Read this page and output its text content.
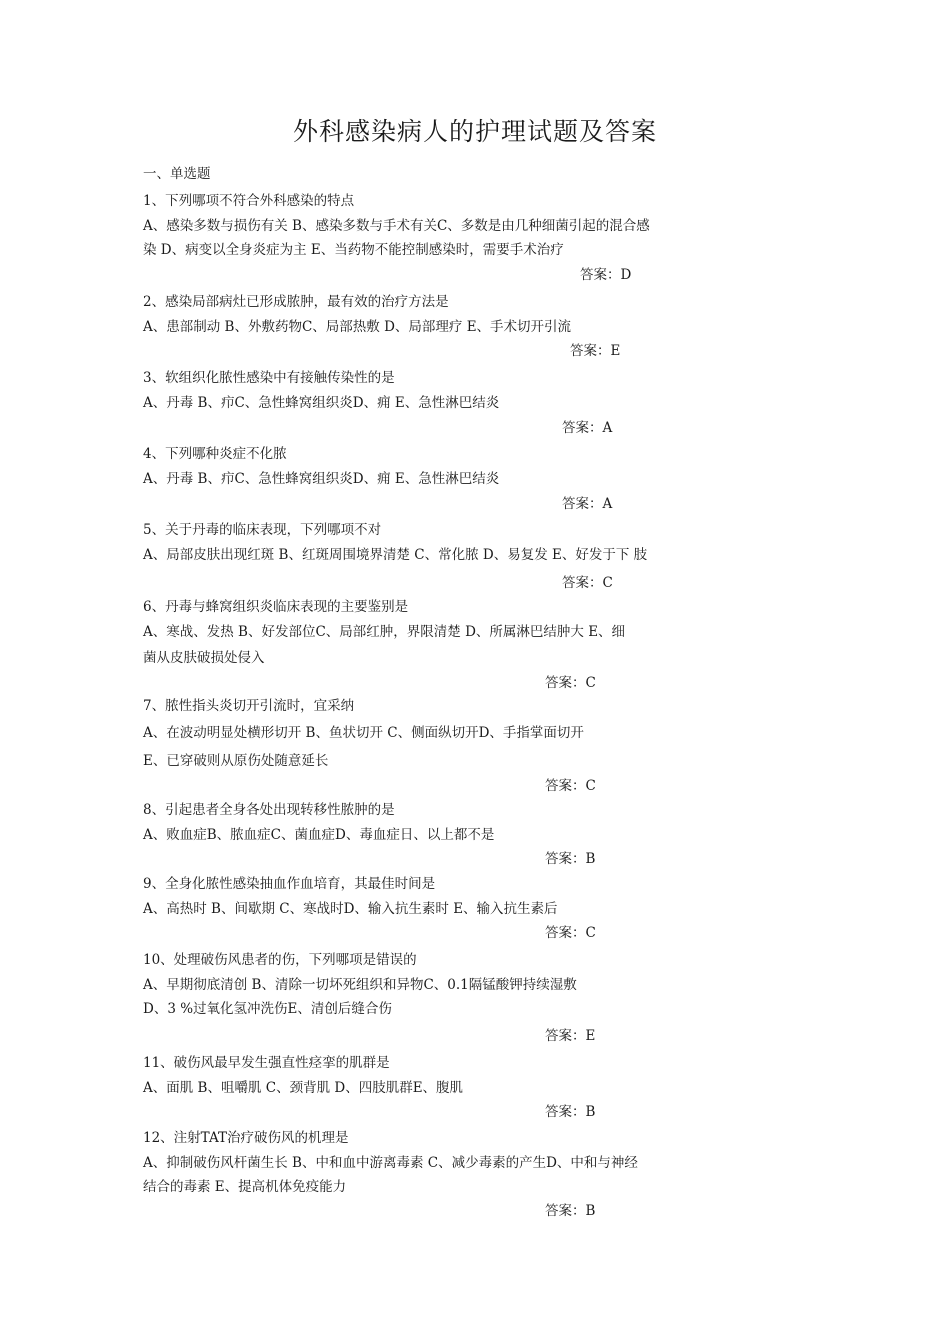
外科感染病人的护理试题及答案
一、单选题
1、下列哪项不符合外科感染的特点
A、感染多数与损伤有关 B、感染多数与手术有关C、多数是由几种细菌引起的混合感
染 D、病变以全身炎症为主 E、当药物不能控制感染时，需要手术治疗
答案：D
2、感染局部病灶已形成脓肿，最有效的治疗方法是
A、患部制动 B、外敷药物C、局部热敷 D、局部理疗 E、手术切开引流
答案：E
3、软组织化脓性感染中有接触传染性的是
A、丹毒 B、疖C、急性蜂窝组织炎D、痈 E、急性淋巴结炎
答案：A
4、下列哪种炎症不化脓
A、丹毒 B、疖C、急性蜂窝组织炎D、痈 E、急性淋巴结炎
答案：A
5、关于丹毒的临床表现，下列哪项不对
A、局部皮肤出现红斑 B、红斑周围境界清楚 C、常化脓 D、易复发 E、好发于下 肢
答案：C
6、丹毒与蜂窝组织炎临床表现的主要鉴别是
A、寒战、发热 B、好发部位C、局部红肿，界限清楚 D、所属淋巴结肿大 E、细
菌从皮肤破损处侵入
答案：C
7、脓性指头炎切开引流时，宜采纳
A、在波动明显处横形切开 B、鱼状切开 C、侧面纵切开D、手指掌面切开
E、已穿破则从原伤处随意延长
答案：C
8、引起患者全身各处出现转移性脓肿的是
A、败血症B、脓血症C、菌血症D、毒血症日、以上都不是
答案：B
9、全身化脓性感染抽血作血培育，其最佳时间是
A、高热时 B、间歇期 C、寒战时D、输入抗生素时 E、输入抗生素后
答案：C
10、处理破伤风患者的伤，下列哪项是错误的
A、早期彻底清创 B、清除一切坏死组织和异物C、0.1隔锰酸钾持续湿敷
D、3 %过氧化氢冲洗伤E、清创后缝合伤
答案：E
11、破伤风最早发生强直性痉挛的肌群是
A、面肌 B、咀嚼肌 C、颈背肌 D、四肢肌群E、腹肌
答案：B
12、注射TAT治疗破伤风的机理是
A、抑制破伤风杆菌生长 B、中和血中游离毒素 C、减少毒素的产生D、中和与神经
结合的毒素 E、提高机体免疫能力
答案：B
